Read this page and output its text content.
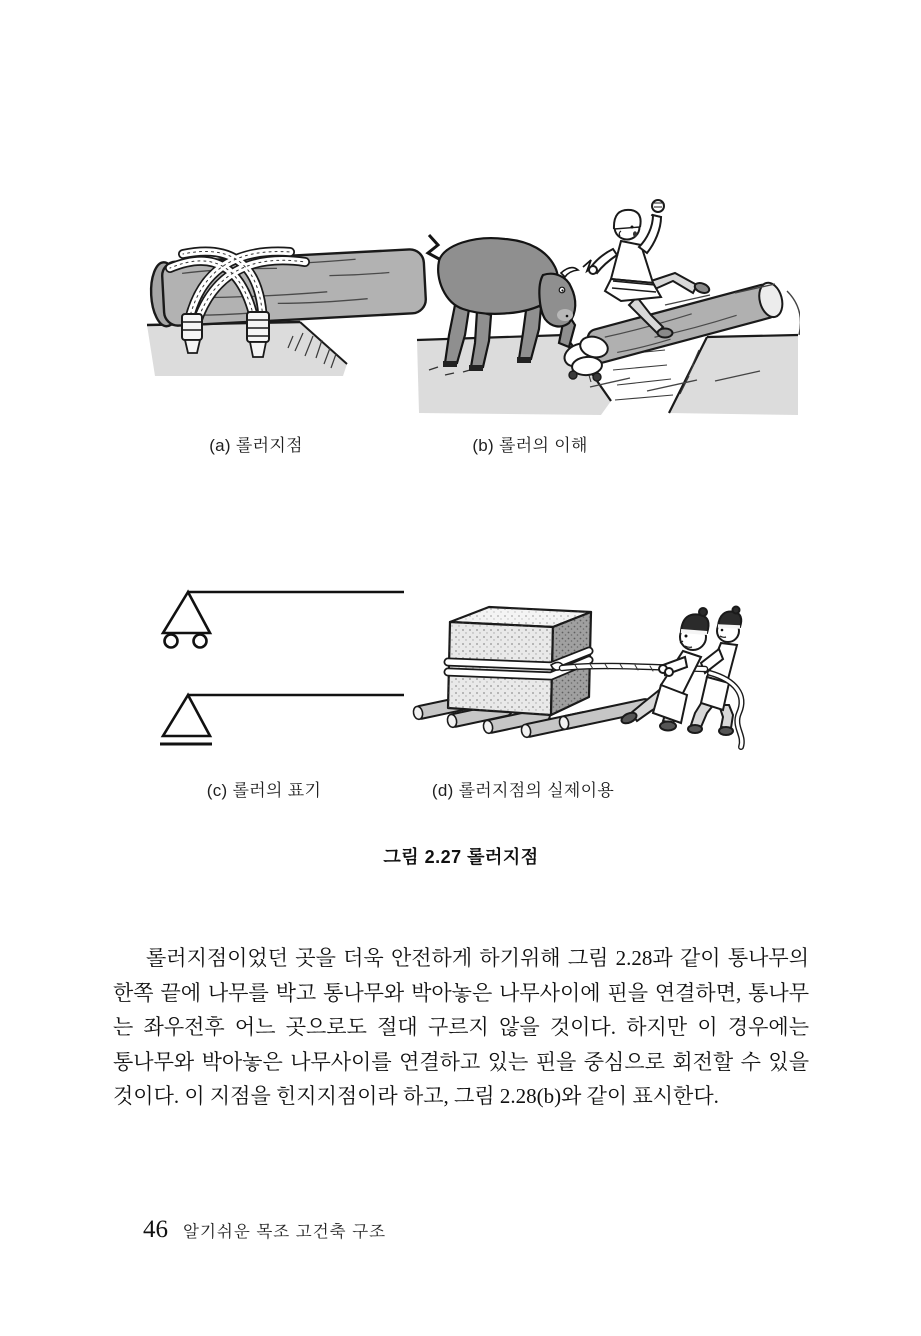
(a) 롤러지점	(b) 롤러의 이해
(c) 롤러의 표기	(d) 롤러지점의 실제이용
그림 2.27 롤러지점
롤러지점이었던 곳을 더욱 안전하게 하기위해 그림 2.28과 같이 통나무의
한쪽 끝에 나무를 박고 통나무와 박아놓은 나무사이에 핀을 연결하면, 통나무
는 좌우전후 어느 곳으로도 절대 구르지 않을 것이다. 하지만 이 경우에는
통나무와 박아놓은 나무사이를 연결하고 있는 핀을 중심으로 회전할 수 있을
것이다. 이 지점을 힌지지점이라 하고, 그림 2.28(b)와 같이 표시한다.
46 알기쉬운 목조 고건축 구조
